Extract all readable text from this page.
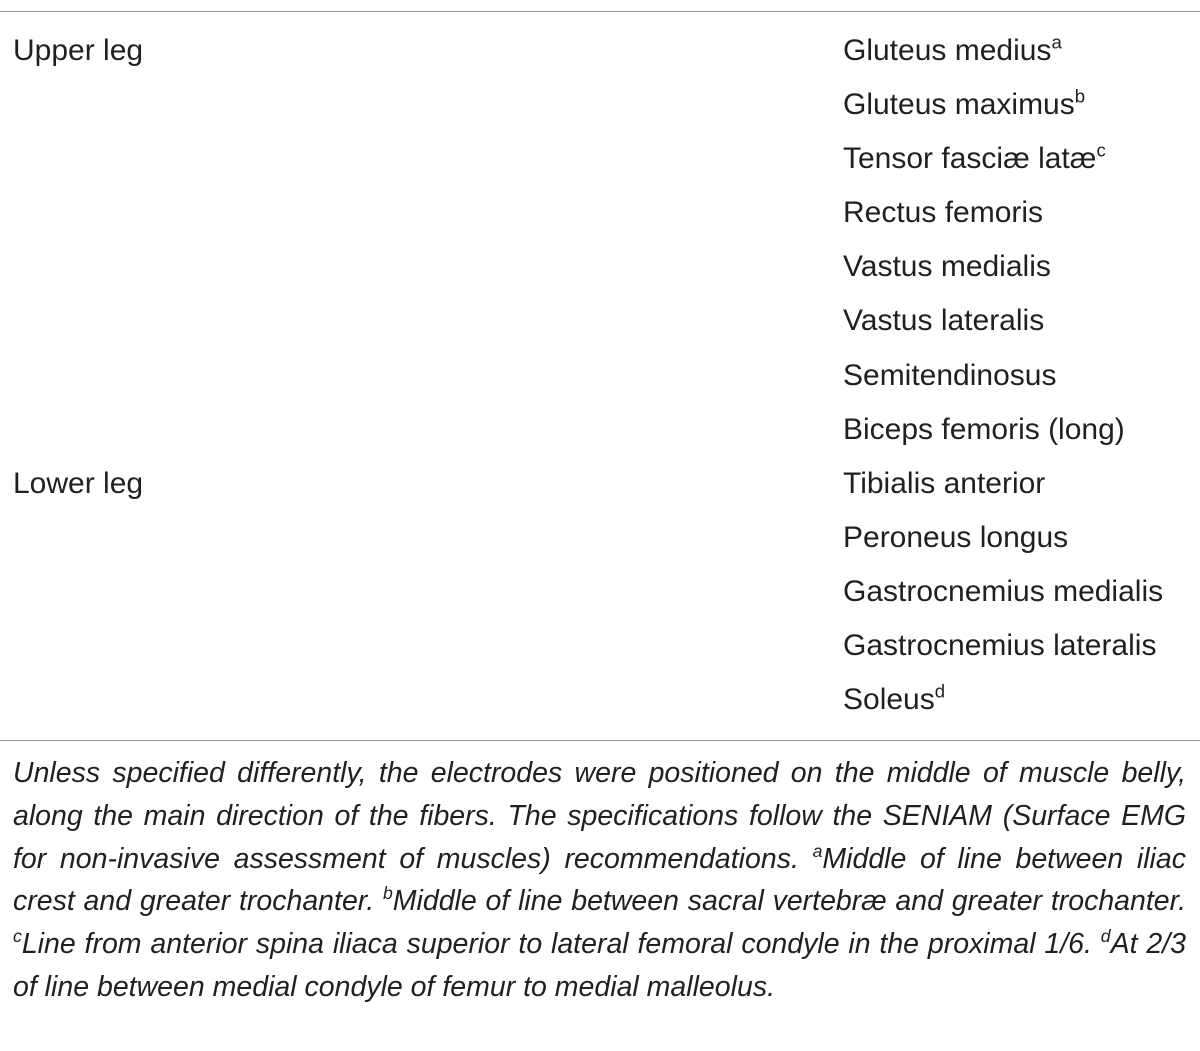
Upper leg
Lower leg
Gluteus medius$^a$
Gluteus maximus$^b$
Tensor fasciæ latæ$^c$
Rectus femoris
Vastus medialis
Vastus lateralis
Semitendinosus
Biceps femoris (long)
Tibialis anterior
Peroneus longus
Gastrocnemius medialis
Gastrocnemius lateralis
Soleus$^d$

Unless specified differently, the electrodes were positioned on the middle of muscle belly, along the main direction of the fibers. The specifications follow the SENIAM (Surface EMG for non-invasive assessment of muscles) recommendations. $^a$Middle of line between iliac crest and greater trochanter. $^b$Middle of line between sacral vertebræ and greater trochanter. $^c$Line from anterior spina iliaca superior to lateral femoral condyle in the proximal 1/6. $^d$At 2/3 of line between medial condyle of femur to medial malleolus.
